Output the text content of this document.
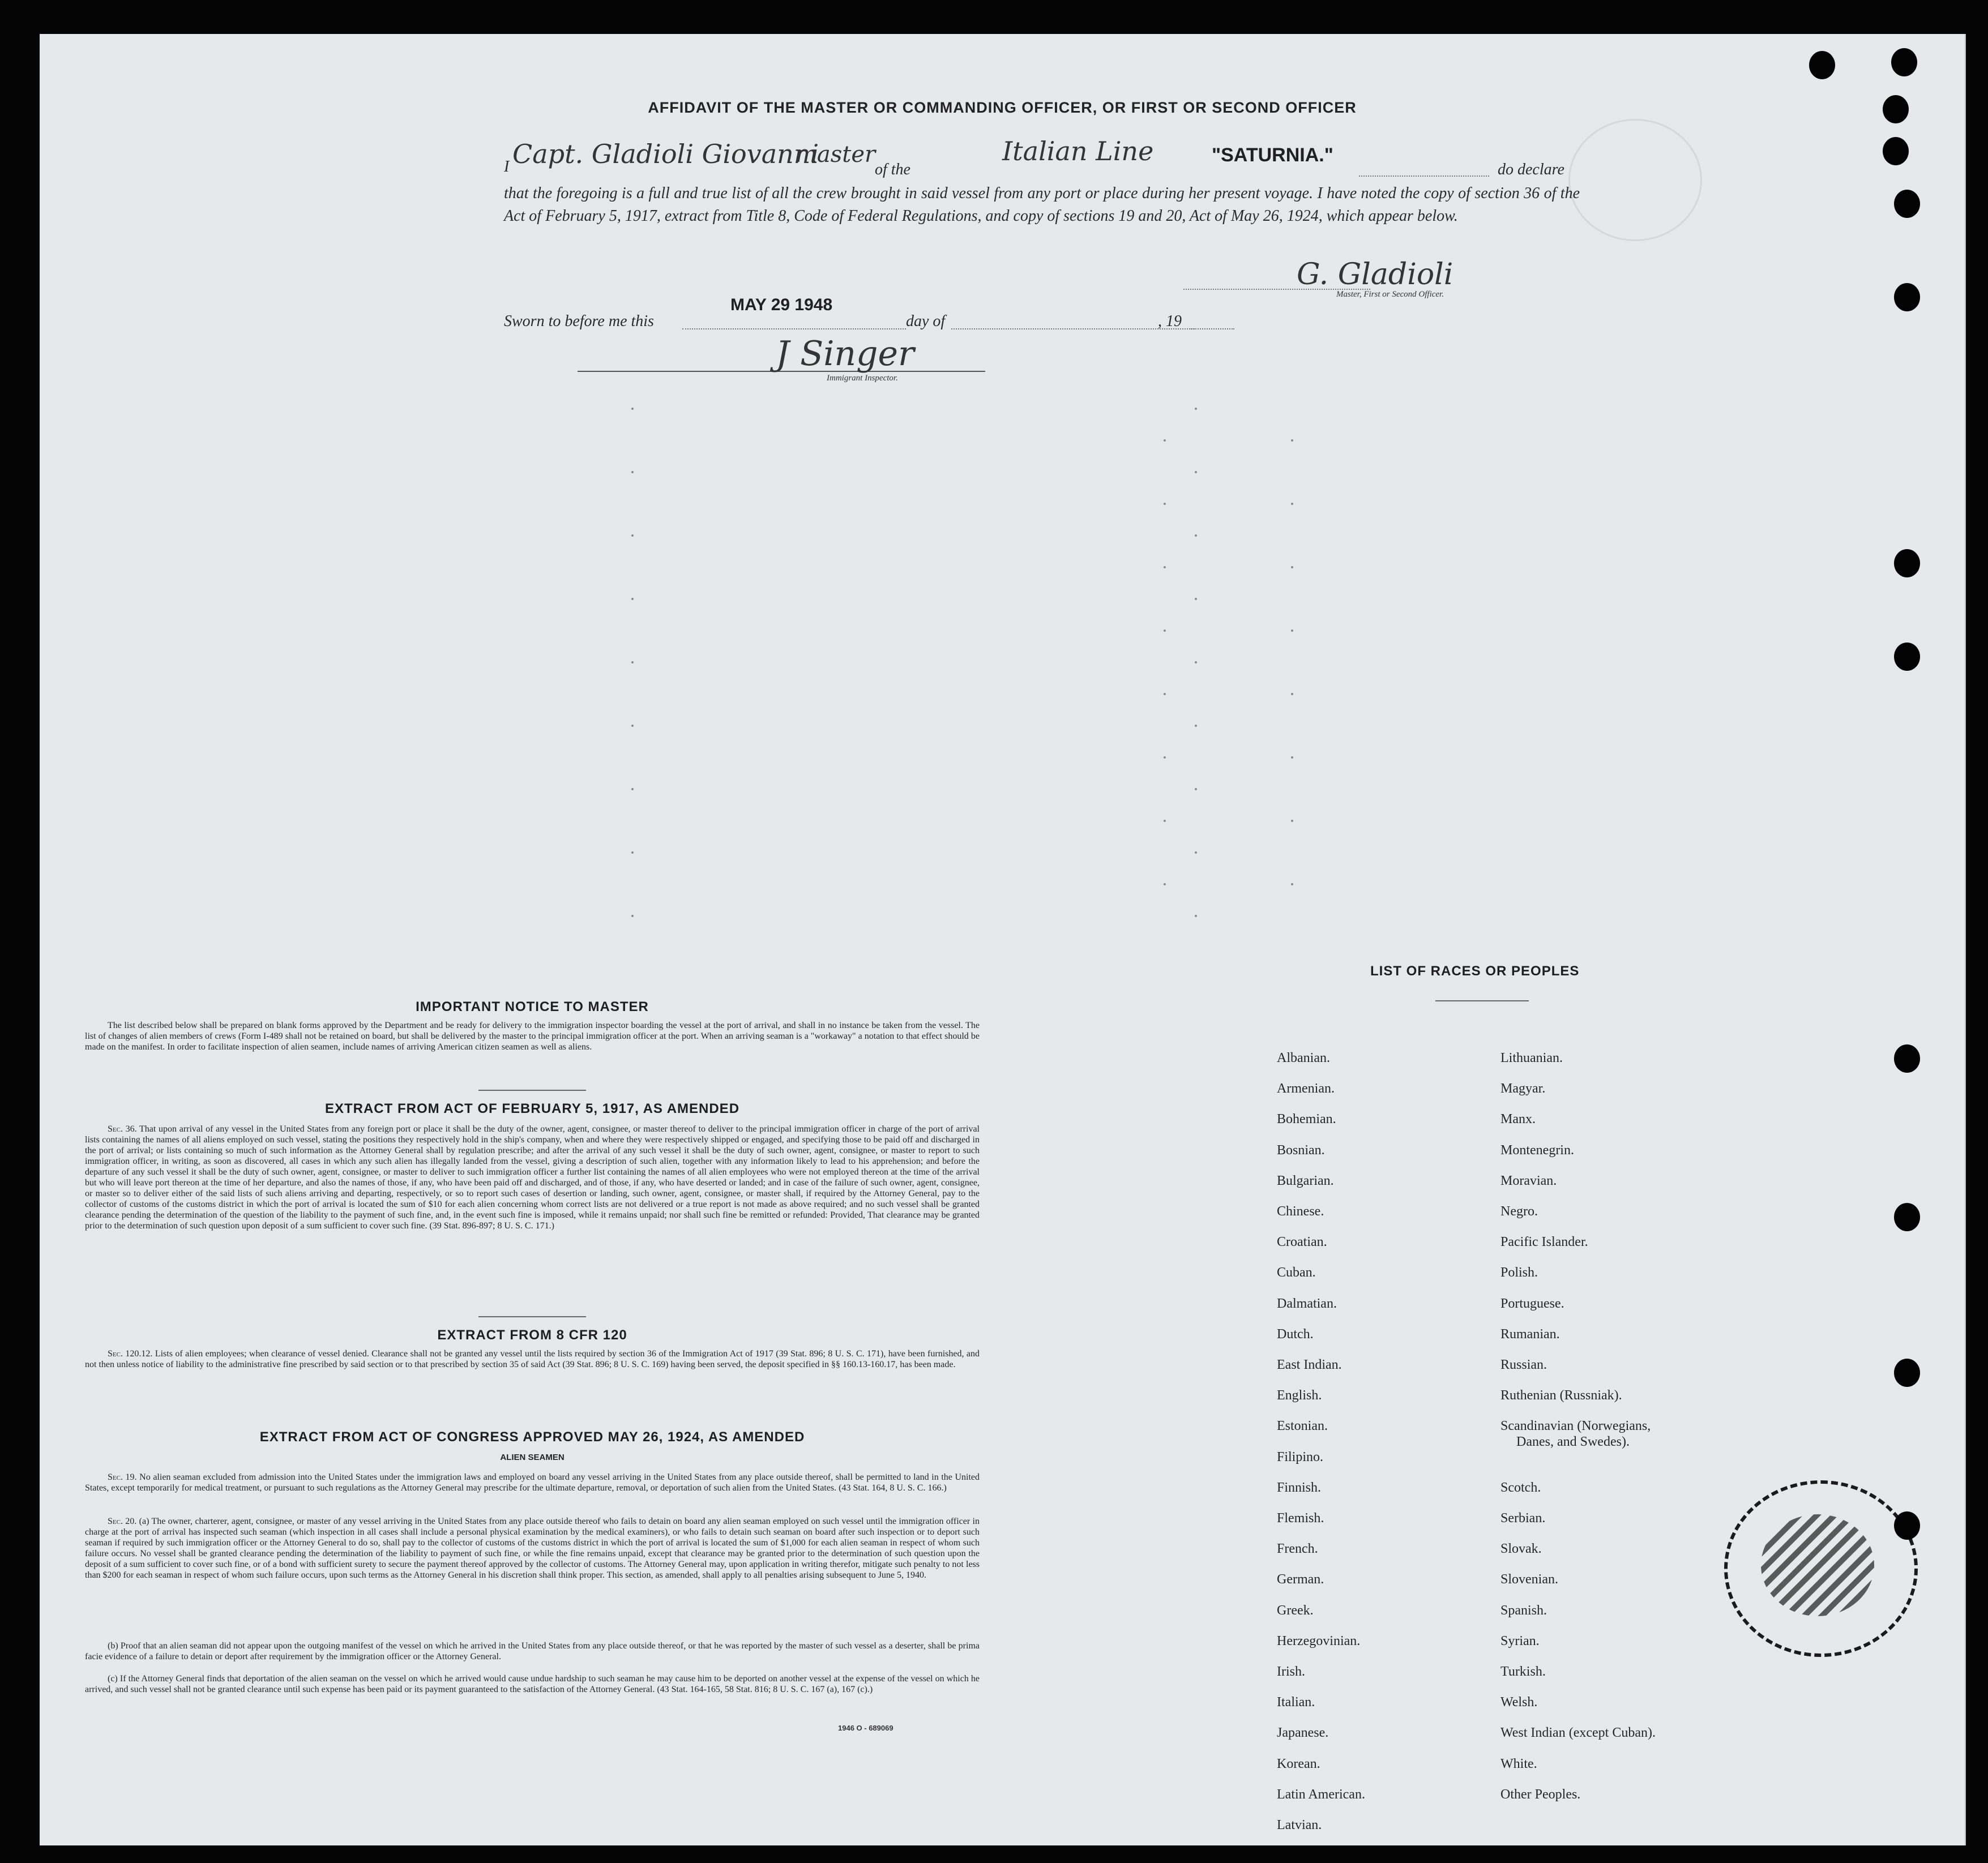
AFFIDAVIT OF THE MASTER OR COMMANDING OFFICER, OR FIRST OR SECOND OFFICER
I Capt. Gladioli Giovanni
master
of the
Italian Line	"SATURNIA."
do declare
that the foregoing is a full and true list of all the crew brought in said vessel from any port or place during her present voyage. I have noted the copy of section 36 of the Act of February 5, 1917, extract from Title 8, Code of Federal Regulations, and copy of sections 19 and 20, Act of May 26, 1924, which appear below.
G. Gladioli
Master, First or Second Officer.
Sworn to before me this
MAY 29 1948
day of	, 19
J Singer
Immigrant Inspector.
IMPORTANT NOTICE TO MASTER
The list described below shall be prepared on blank forms approved by the Department and be ready for delivery to the immigration inspector boarding the vessel at the port of arrival, and shall in no instance be taken from the vessel. The list of changes of alien members of crews (Form I-489 shall not be retained on board, but shall be delivered by the master to the principal immigration officer at the port. When an arriving seaman is a "workaway" a notation to that effect should be made on the manifest. In order to facilitate inspection of alien seamen, include names of arriving American citizen seamen as well as aliens.
EXTRACT FROM ACT OF FEBRUARY 5, 1917, AS AMENDED
Sec. 36. That upon arrival of any vessel in the United States from any foreign port or place it shall be the duty of the owner, agent, consignee, or master thereof to deliver to the principal immigration officer in charge of the port of arrival lists containing the names of all aliens employed on such vessel, stating the positions they respectively hold in the ship's company, when and where they were respectively shipped or engaged, and specifying those to be paid off and discharged in the port of arrival; or lists containing so much of such information as the Attorney General shall by regulation prescribe; and after the arrival of any such vessel it shall be the duty of such owner, agent, consignee, or master to report to such immigration officer, in writing, as soon as discovered, all cases in which any such alien has illegally landed from the vessel, giving a description of such alien, together with any information likely to lead to his apprehension; and before the departure of any such vessel it shall be the duty of such owner, agent, consignee, or master to deliver to such immigration officer a further list containing the names of all alien employees who were not employed thereon at the time of the arrival but who will leave port thereon at the time of her departure, and also the names of those, if any, who have been paid off and discharged, and of those, if any, who have deserted or landed; and in case of the failure of such owner, agent, consignee, or master so to deliver either of the said lists of such aliens arriving and departing, respectively, or so to report such cases of desertion or landing, such owner, agent, consignee, or master shall, if required by the Attorney General, pay to the collector of customs of the customs district in which the port of arrival is located the sum of $10 for each alien concerning whom correct lists are not delivered or a true report is not made as above required; and no such vessel shall be granted clearance pending the determination of the question of the liability to the payment of such fine, and, in the event such fine is imposed, while it remains unpaid; nor shall such fine be remitted or refunded: Provided, That clearance may be granted prior to the determination of such question upon deposit of a sum sufficient to cover such fine. (39 Stat. 896-897; 8 U. S. C. 171.)
EXTRACT FROM 8 CFR 120
Sec. 120.12. Lists of alien employees; when clearance of vessel denied. Clearance shall not be granted any vessel until the lists required by section 36 of the Immigration Act of 1917 (39 Stat. 896; 8 U. S. C. 171), have been furnished, and not then unless notice of liability to the administrative fine prescribed by said section or to that prescribed by section 35 of said Act (39 Stat. 896; 8 U. S. C. 169) having been served, the deposit specified in §§ 160.13-160.17, has been made.
EXTRACT FROM ACT OF CONGRESS APPROVED MAY 26, 1924, AS AMENDED
ALIEN SEAMEN
Sec. 19. No alien seaman excluded from admission into the United States under the immigration laws and employed on board any vessel arriving in the United States from any place outside thereof, shall be permitted to land in the United States, except temporarily for medical treatment, or pursuant to such regulations as the Attorney General may prescribe for the ultimate departure, removal, or deportation of such alien from the United States. (43 Stat. 164, 8 U. S. C. 166.)
Sec. 20. (a) The owner, charterer, agent, consignee, or master of any vessel arriving in the United States from any place outside thereof who fails to detain on board any alien seaman employed on such vessel until the immigration officer in charge at the port of arrival has inspected such seaman (which inspection in all cases shall include a personal physical examination by the medical examiners), or who fails to detain such seaman on board after such inspection or to deport such seaman if required by such immigration officer or the Attorney General to do so, shall pay to the collector of customs of the customs district in which the port of arrival is located the sum of $1,000 for each alien seaman in respect of whom such failure occurs. No vessel shall be granted clearance pending the determination of the liability to payment of such fine, or while the fine remains unpaid, except that clearance may be granted prior to the determination of such question upon the deposit of a sum sufficient to cover such fine, or of a bond with sufficient surety to secure the payment thereof approved by the collector of customs. The Attorney General may, upon application in writing therefor, mitigate such penalty to not less than $200 for each seaman in respect of whom such failure occurs, upon such terms as the Attorney General in his discretion shall think proper. This section, as amended, shall apply to all penalties arising subsequent to June 5, 1940.
(b) Proof that an alien seaman did not appear upon the outgoing manifest of the vessel on which he arrived in the United States from any place outside thereof, or that he was reported by the master of such vessel as a deserter, shall be prima facie evidence of a failure to detain or deport after requirement by the immigration officer or the Attorney General.
(c) If the Attorney General finds that deportation of the alien seaman on the vessel on which he arrived would cause undue hardship to such seaman he may cause him to be deported on another vessel at the expense of the vessel on which he arrived, and such vessel shall not be granted clearance until such expense has been paid or its payment guaranteed to the satisfaction of the Attorney General. (43 Stat. 164-165, 58 Stat. 816; 8 U. S. C. 167 (a), 167 (c).)
1946 O - 689069
LIST OF RACES OR PEOPLES
Albanian.
Armenian.
Bohemian.
Bosnian.
Bulgarian.
Chinese.
Croatian.
Cuban.
Dalmatian.
Dutch.
East Indian.
English.
Estonian.
Filipino.
Finnish.
Flemish.
French.
German.
Greek.
Herzegovinian.
Irish.
Italian.
Japanese.
Korean.
Latin American.
Latvian.
Lithuanian.
Magyar.
Manx.
Montenegrin.
Moravian.
Negro.
Pacific Islander.
Polish.
Portuguese.
Rumanian.
Russian.
Ruthenian (Russniak).
Scandinavian (Norwegians,
Danes, and Swedes).
Scotch.
Serbian.
Slovak.
Slovenian.
Spanish.
Syrian.
Turkish.
Welsh.
West Indian (except Cuban).
White.
Other Peoples.
